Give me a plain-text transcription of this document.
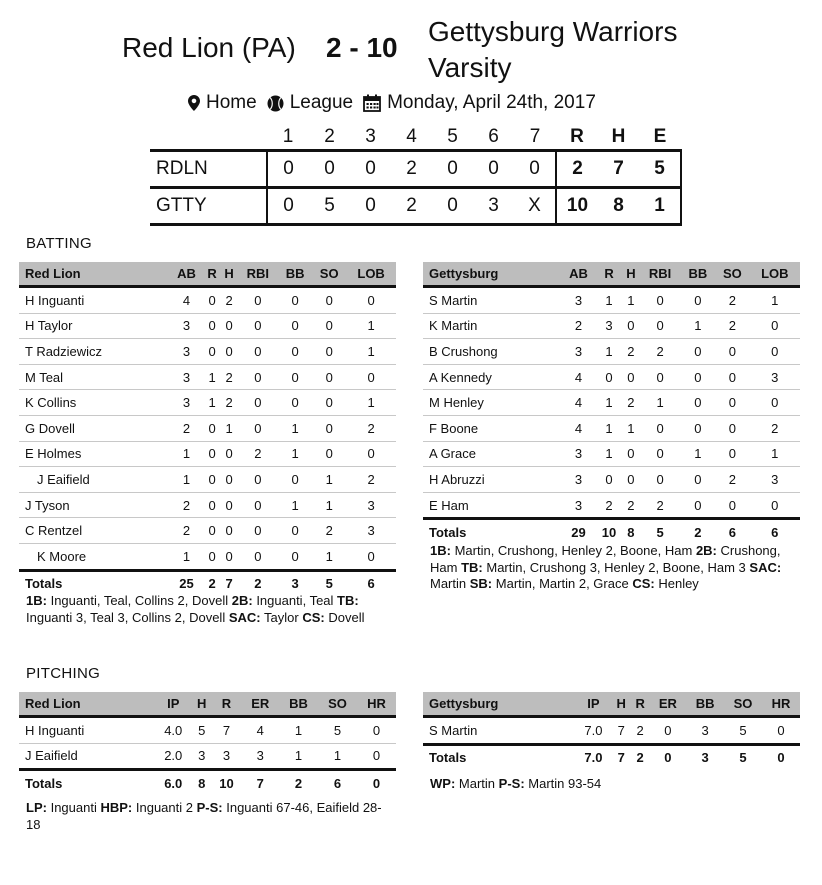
Red Lion (PA) 2 - 10
Gettysburg Warriors Varsity
Home League Monday, April 24th, 2017
	1	2	3	4	5	6	7	R	H	E
RDLN	0	0	0	2	0	0	0	2	7	5
GTTY	0	5	0	2	0	3	X	10	8	1
BATTING
Red Lion	AB	R	H	RBI	BB	SO	LOB
H Inguanti	4	0	2	0	0	0	0
H Taylor	3	0	0	0	0	0	1
T Radziewicz	3	0	0	0	0	0	1
M Teal	3	1	2	0	0	0	0
K Collins	3	1	2	0	0	0	1
G Dovell	2	0	1	0	1	0	2
E Holmes	1	0	0	2	1	0	0
J Eaifield	1	0	0	0	0	1	2
J Tyson	2	0	0	0	1	1	3
C Rentzel	2	0	0	0	0	2	3
K Moore	1	0	0	0	0	1	0
Totals	25	2	7	2	3	5	6
Gettysburg	AB	R	H	RBI	BB	SO	LOB
S Martin	3	1	1	0	0	2	1
K Martin	2	3	0	0	1	2	0
B Crushong	3	1	2	2	0	0	0
A Kennedy	4	0	0	0	0	0	3
M Henley	4	1	2	1	0	0	0
F Boone	4	1	1	0	0	0	2
A Grace	3	1	0	0	1	0	1
H Abruzzi	3	0	0	0	0	2	3
E Ham	3	2	2	2	0	0	0
Totals	29	10	8	5	2	6	6
1B: Inguanti, Teal, Collins 2, Dovell 2B: Inguanti, Teal TB: Inguanti 3, Teal 3, Collins 2, Dovell SAC: Taylor CS: Dovell
1B: Martin, Crushong, Henley 2, Boone, Ham 2B: Crushong, Ham TB: Martin, Crushong 3, Henley 2, Boone, Ham 3 SAC: Martin SB: Martin, Martin 2, Grace CS: Henley
PITCHING
Red Lion	IP	H	R	ER	BB	SO	HR
H Inguanti	4.0	5	7	4	1	5	0
J Eaifield	2.0	3	3	3	1	1	0
Totals	6.0	8	10	7	2	6	0
Gettysburg	IP	H	R	ER	BB	SO	HR
S Martin	7.0	7	2	0	3	5	0
Totals	7.0	7	2	0	3	5	0
LP: Inguanti HBP: Inguanti 2 P-S: Inguanti 67-46, Eaifield 28-18
WP: Martin P-S: Martin 93-54
